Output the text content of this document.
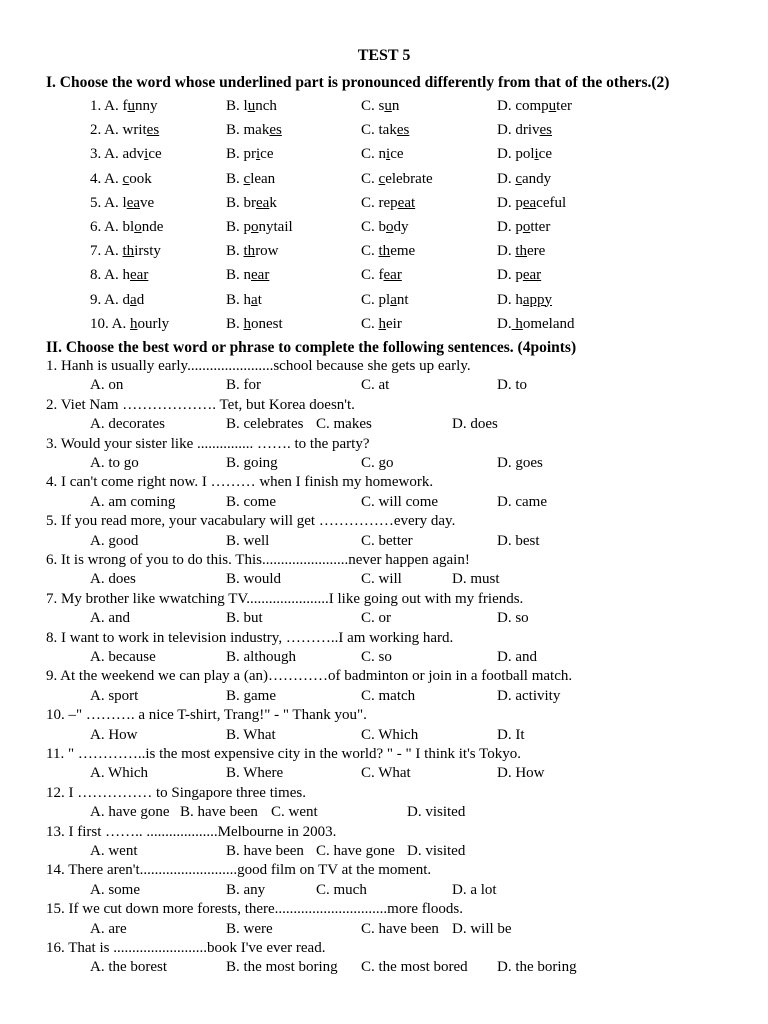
TEST 5
I. Choose the word whose underlined part is pronounced differently from that of the others.(2)
1. A. funny	B. lunch	C. sun	D. computer
2. A. writes	B. makes	C. takes	D. drives
3. A. advice	B. price	C. nice	D. police
4. A. cook	B. clean	C. celebrate	D. candy
5. A. leave	B. break	C. repeat	D. peaceful
6. A. blonde	B. ponytail	C. body	D. potter
7. A. thirsty	B. throw	C. theme	D. there
8. A. hear	B. near	C. fear	D. pear
9. A. dad	B. hat	C. plant	D. happy
10. A. hourly	B. honest	C. heir	D. homeland
II. Choose the best word or phrase to complete the following sentences. (4points)
1. Hanh is usually early.......................school because she gets up early.
A. on	B. for	C. at	D. to
2. Viet Nam ………………. Tet, but Korea doesn't.
A. decorates	B. celebrates C. makes	D. does
3. Would your sister like ............... ……. to the party?
A. to go	B. going	C. go	D. goes
4. I can't come right now. I ……… when I finish my homework.
A. am coming	B. come	C. will come	D. came
5. If you read more, your vacabulary will get ……………every day.
A. good	B. well	C. better	D. best
6. It is wrong of you to do this. This.......................never happen again!
A. does	B. would	C. will	D. must
7. My brother like wwatching TV......................I like going out with my friends.
A. and	B. but	C. or	D. so
8. I want to work in television industry, ………..I am working hard.
A. because	B. although	C. so	D. and
9. At the weekend we can play a (an)…………of badminton or join in a football match.
A. sport	B. game	C. match	D. activity
10. –" ………. a nice T-shirt, Trang!" - " Thank you".
A. How	B. What	C. Which	D. It
11. " …………..is the most expensive city in the world? " - " I think it's Tokyo.
A. Which	B. Where	C. What	D. How
12. I …………… to Singapore three times.
A. have gone B. have been C. went	D. visited
13. I first …….. ...................Melbourne in 2003.
A. went	B. have been C. have gone D. visited
14. There aren't..........................good film on TV at the moment.
A. some	B. any	C. much	D. a lot
15. If we cut down more forests, there..............................more floods.
A. are	B. were	C. have been D. will be
16. That is .........................book I've ever read.
A. the borest	B. the most boring C. the most bored D. the boring
